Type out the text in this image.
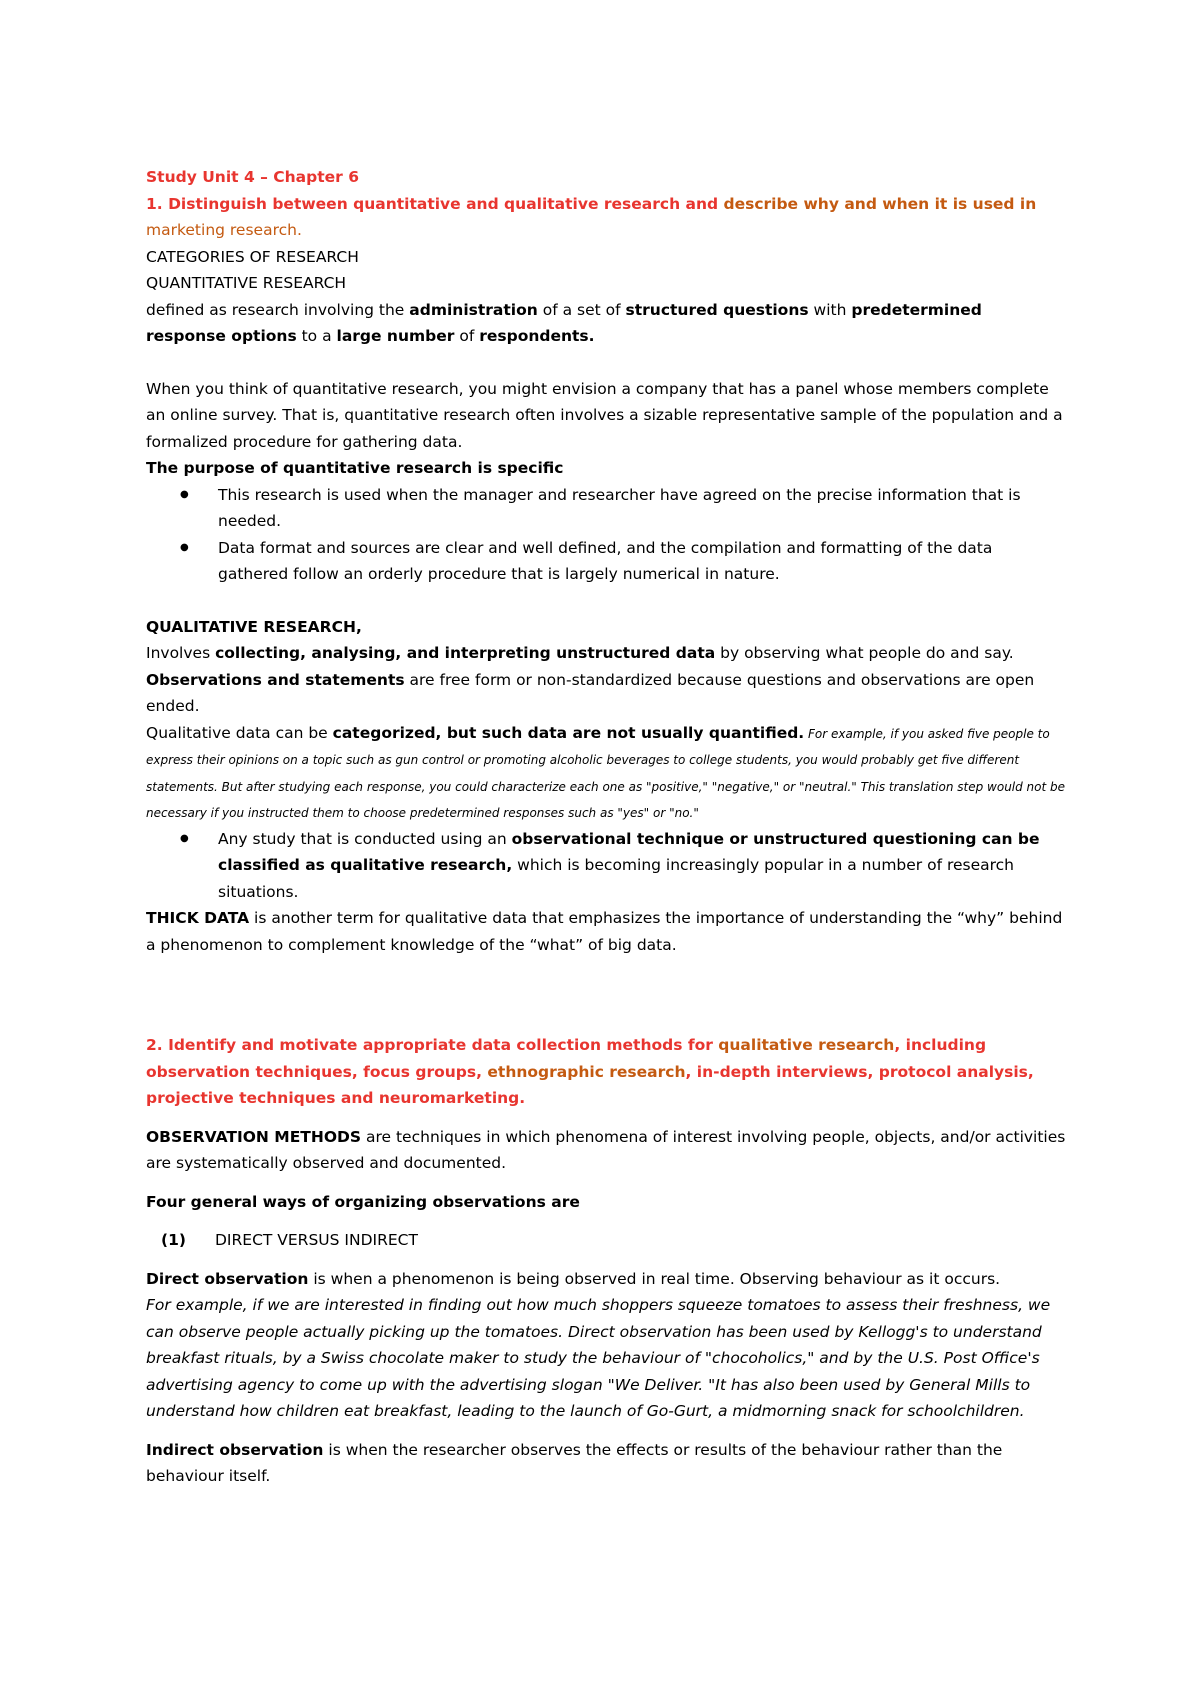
Study Unit 4 – Chapter 6

1. Distinguish between quantitative and qualitative research and describe why and when it is used in
marketing research.

CATEGORIES OF RESEARCH

QUANTITATIVE RESEARCH

defined as research involving the administration of a set of structured questions with predetermined
response options to a large number of respondents.

When you think of quantitative research, you might envision a company that has a panel whose members complete an online survey. That is, quantitative research often involves a sizable representative sample of the population and a formalized procedure for gathering data.

The purpose of quantitative research is specific

● This research is used when the manager and researcher have agreed on the precise information that is needed.
● Data format and sources are clear and well defined, and the compilation and formatting of the data gathered follow an orderly procedure that is largely numerical in nature.

QUALITATIVE RESEARCH,

Involves collecting, analysing, and interpreting unstructured data by observing what people do and say.
Observations and statements are free form or non-standardized because questions and observations are open ended.

Qualitative data can be categorized, but such data are not usually quantified. For example, if you asked five people to express their opinions on a topic such as gun control or promoting alcoholic beverages to college students, you would probably get five different statements. But after studying each response, you could characterize each one as "positive," "negative," or "neutral." This translation step would not be necessary if you instructed them to choose predetermined responses such as "yes" or "no."

● Any study that is conducted using an observational technique or unstructured questioning can be classified as qualitative research, which is becoming increasingly popular in a number of research situations.

THICK DATA is another term for qualitative data that emphasizes the importance of understanding the “why” behind a phenomenon to complement knowledge of the “what” of big data.

2. Identify and motivate appropriate data collection methods for qualitative research, including observation techniques, focus groups, ethnographic research, in-depth interviews, protocol analysis, projective techniques and neuromarketing.

OBSERVATION METHODS are techniques in which phenomena of interest involving people, objects, and/or activities are systematically observed and documented.

Four general ways of organizing observations are

(1) DIRECT VERSUS INDIRECT

Direct observation is when a phenomenon is being observed in real time. Observing behaviour as it occurs.
For example, if we are interested in finding out how much shoppers squeeze tomatoes to assess their freshness, we can observe people actually picking up the tomatoes. Direct observation has been used by Kellogg's to understand breakfast rituals, by a Swiss chocolate maker to study the behaviour of "chocoholics," and by the U.S. Post Office's advertising agency to come up with the advertising slogan "We Deliver. "It has also been used by General Mills to understand how children eat breakfast, leading to the launch of Go-Gurt, a midmorning snack for schoolchildren.

Indirect observation is when the researcher observes the effects or results of the behaviour rather than the behaviour itself.
